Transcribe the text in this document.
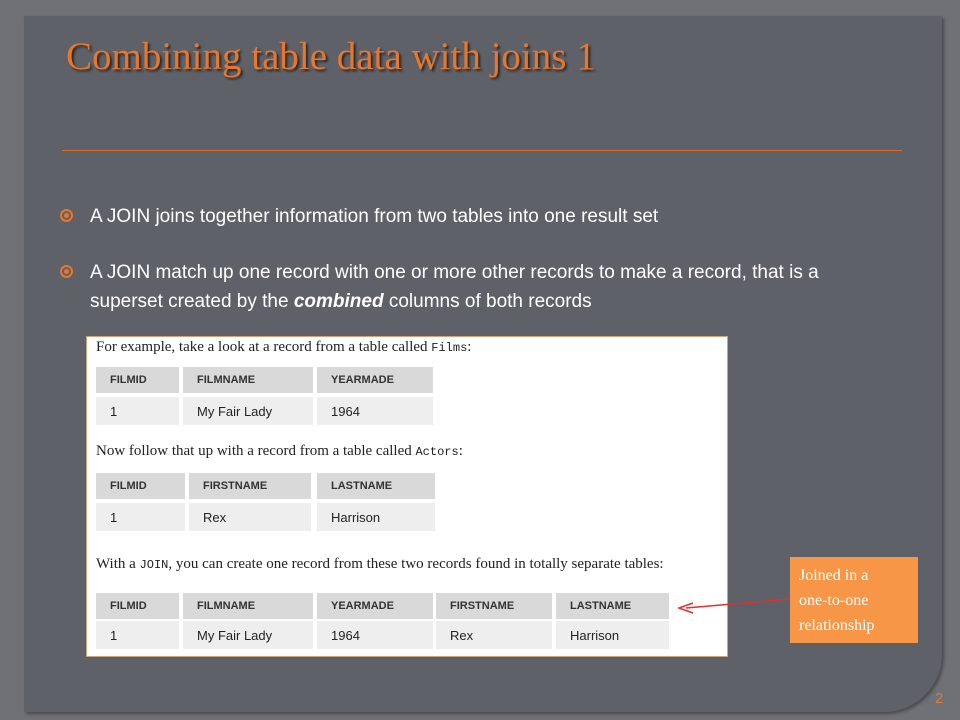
Combining table data with joins 1
A JOIN joins together information from two tables into one result set
A JOIN match up one record with one or more other records to make a record, that is a superset created by the combined columns of both records
For example, take a look at a record from a table called Films:
FILMID	FILMNAME	YEARMADE
1	My Fair Lady	1964
Now follow that up with a record from a table called Actors:
FILMID	FIRSTNAME	LASTNAME
1	Rex	Harrison
With a JOIN, you can create one record from these two records found in totally separate tables:
FILMID	FILMNAME	YEARMADE	FIRSTNAME	LASTNAME
1	My Fair Lady	1964	Rex	Harrison
Joined in a
one-to-one
relationship
2
